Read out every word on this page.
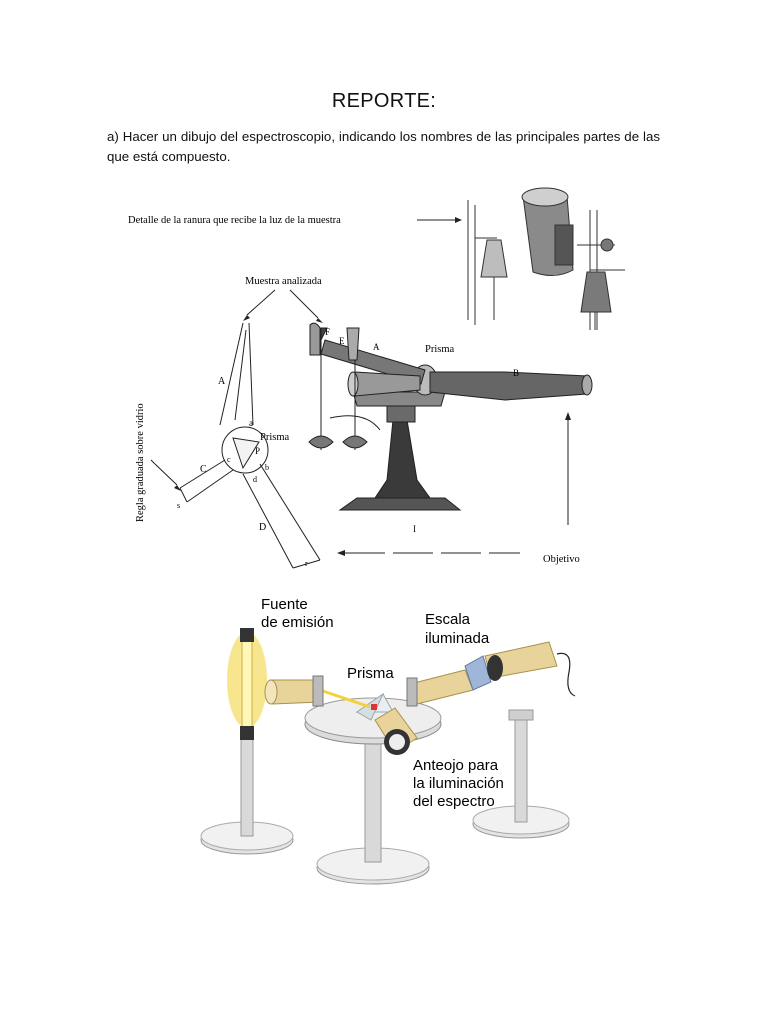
REPORTE:
a) Hacer un dibujo del espectroscopio, indicando los nombres de las principales partes de las que está compuesto.
Detalle de la ranura que recibe la luz de la muestra
Muestra analizada
A
a
P
C
c
b
D
d
s
r
Prisma
Regla graduada sobre vidrio
E
F
A
B
I
Prisma
Objetivo
Fuente
de emisión	Escala
iluminada
Prisma
Anteojo para
la iluminación
del espectro
